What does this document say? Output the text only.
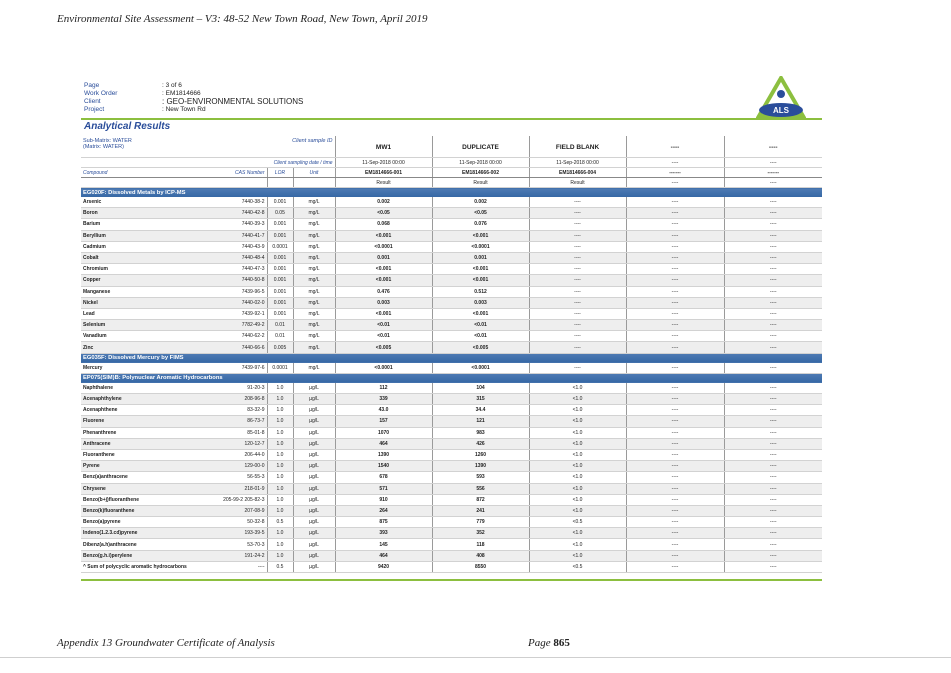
Environmental Site Assessment – V3: 48-52 New Town Road, New Town, April 2019
Page	: 3 of 6
Work Order	: EM1814666
Client	: GEO-ENVIRONMENTAL SOLUTIONS
Project	: New Town Rd	ALS
Analytical Results
Sub-Matrix: WATER
(Matrix: WATER)		Client sample ID		MW1	DUPLICATE	FIELD BLANK	----	----
	Client sampling date / time			11-Sep-2018 00:00	11-Sep-2018 00:00	11-Sep-2018 00:00	----	----
Compound	CAS Number	LOR	Unit	EM1814666-001	EM1814666-002	EM1814666-004	-------	-------
				Result	Result	Result	----	----
EG020F: Dissolved Metals by ICP-MS								
Arsenic	7440-38-2	0.001	mg/L	0.002	0.002	----	----	----
Boron	7440-42-8	0.05	mg/L	<0.05	<0.05	----	----	----
Barium	7440-39-3	0.001	mg/L	0.068	0.076	----	----	----
Beryllium	7440-41-7	0.001	mg/L	<0.001	<0.001	----	----	----
Cadmium	7440-43-9	0.0001	mg/L	<0.0001	<0.0001	----	----	----
Cobalt	7440-48-4	0.001	mg/L	0.001	0.001	----	----	----
Chromium	7440-47-3	0.001	mg/L	<0.001	<0.001	----	----	----
Copper	7440-50-8	0.001	mg/L	<0.001	<0.001	----	----	----
Manganese	7439-96-5	0.001	mg/L	0.476	0.512	----	----	----
Nickel	7440-02-0	0.001	mg/L	0.003	0.003	----	----	----
Lead	7439-92-1	0.001	mg/L	<0.001	<0.001	----	----	----
Selenium	7782-49-2	0.01	mg/L	<0.01	<0.01	----	----	----
Vanadium	7440-62-2	0.01	mg/L	<0.01	<0.01	----	----	----
Zinc	7440-66-6	0.005	mg/L	<0.005	<0.005	----	----	----
EG035F: Dissolved Mercury by FIMS								
Mercury	7439-97-6	0.0001	mg/L	<0.0001	<0.0001	----	----	----
EP075(SIM)B: Polynuclear Aromatic Hydrocarbons								
Naphthalene	91-20-3	1.0	µg/L	112	104	<1.0	----	----
Acenaphthylene	208-96-8	1.0	µg/L	339	315	<1.0	----	----
Acenaphthene	83-32-9	1.0	µg/L	43.0	34.4	<1.0	----	----
Fluorene	86-73-7	1.0	µg/L	157	121	<1.0	----	----
Phenanthrene	85-01-8	1.0	µg/L	1070	983	<1.0	----	----
Anthracene	120-12-7	1.0	µg/L	464	426	<1.0	----	----
Fluoranthene	206-44-0	1.0	µg/L	1390	1260	<1.0	----	----
Pyrene	129-00-0	1.0	µg/L	1540	1390	<1.0	----	----
Benz(a)anthracene	56-55-3	1.0	µg/L	678	593	<1.0	----	----
Chrysene	218-01-9	1.0	µg/L	571	556	<1.0	----	----
Benzo(b+j)fluoranthene	205-99-2 205-82-3	1.0	µg/L	910	872	<1.0	----	----
Benzo(k)fluoranthene	207-08-9	1.0	µg/L	264	241	<1.0	----	----
Benzo(a)pyrene	50-32-8	0.5	µg/L	875	779	<0.5	----	----
Indeno(1.2.3.cd)pyrene	193-39-5	1.0	µg/L	393	352	<1.0	----	----
Dibenz(a.h)anthracene	53-70-3	1.0	µg/L	145	118	<1.0	----	----
Benzo(g.h.i)perylene	191-24-2	1.0	µg/L	464	408	<1.0	----	----
^ Sum of polycyclic aromatic hydrocarbons	----	0.5	µg/L	9420	8550	<0.5	----	----
Appendix 13 Groundwater Certificate of Analysis	Page 865
